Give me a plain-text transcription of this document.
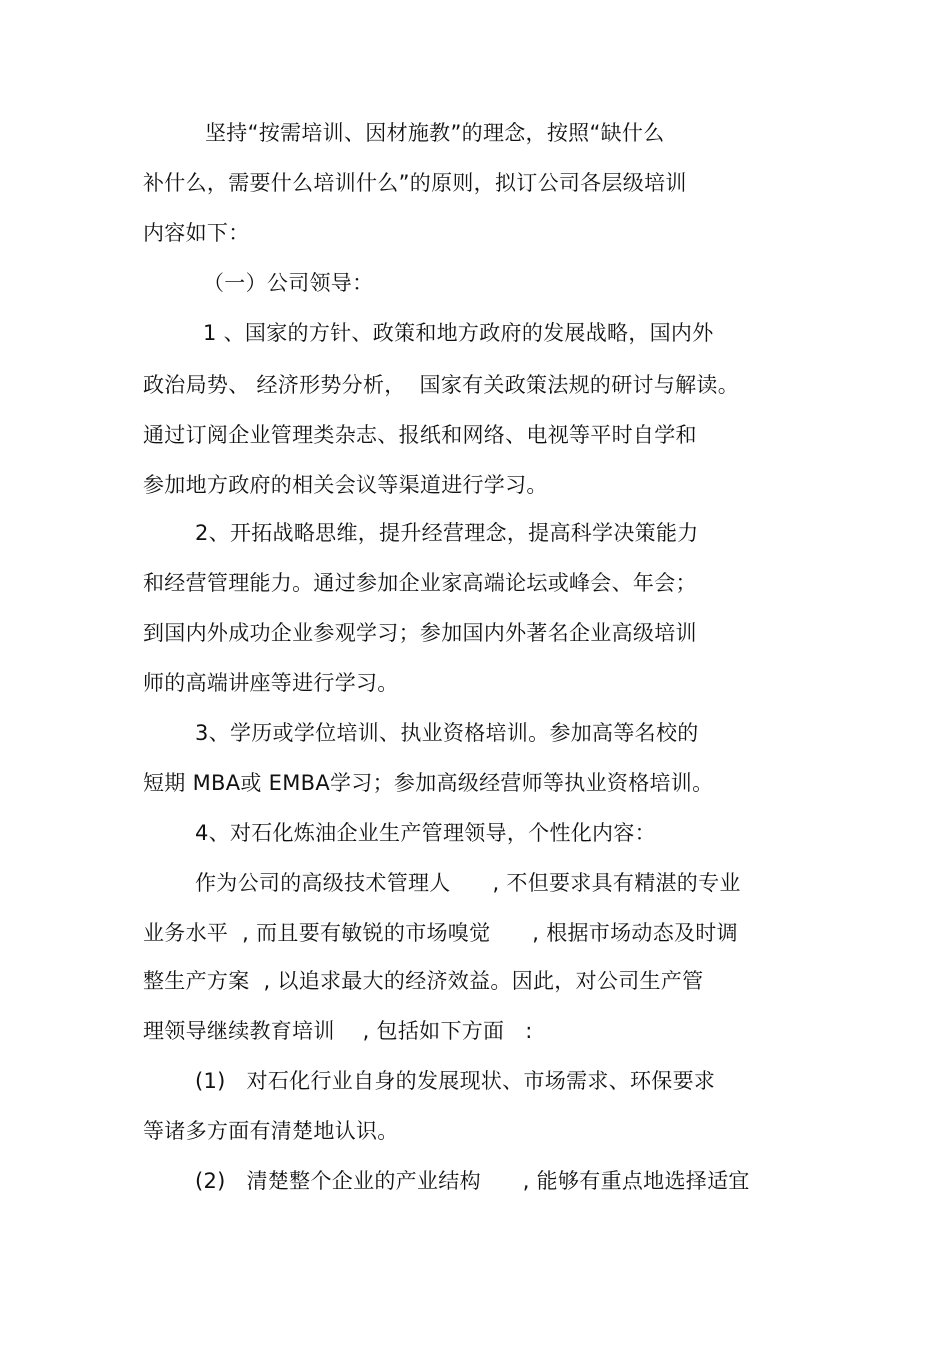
坚持“按需培训、因材施教”的理念，按照“缺什么
补什么，需要什么培训什么”的原则，拟订公司各层级培训
内容如下：
（一）公司领导：
1 、国家的方针、政策和地方政府的发展战略，国内外
政治局势、 经济形势分析，  国家有关政策法规的研讨与解读。
通过订阅企业管理类杂志、报纸和网络、电视等平时自学和
参加地方政府的相关会议等渠道进行学习。
2、开拓战略思维，提升经营理念，提高科学决策能力
和经营管理能力。通过参加企业家高端论坛或峰会、年会；
到国内外成功企业参观学习；参加国内外著名企业高级培训
师的高端讲座等进行学习。
3、学历或学位培训、执业资格培训。参加高等名校的
短期 MBA或 EMBA学习；参加高级经营师等执业资格培训。
4、对石化炼油企业生产管理领导，个性化内容：
作为公司的高级技术管理人      , 不但要求具有精湛的专业
业务水平  , 而且要有敏锐的市场嗅觉      , 根据市场动态及时调
整生产方案  , 以追求最大的经济效益。因此，对公司生产管
理领导继续教育培训    , 包括如下方面   :
(1)   对石化行业自身的发展现状、市场需求、环保要求
等诸多方面有清楚地认识。
(2)   清楚整个企业的产业结构      , 能够有重点地选择适宜
